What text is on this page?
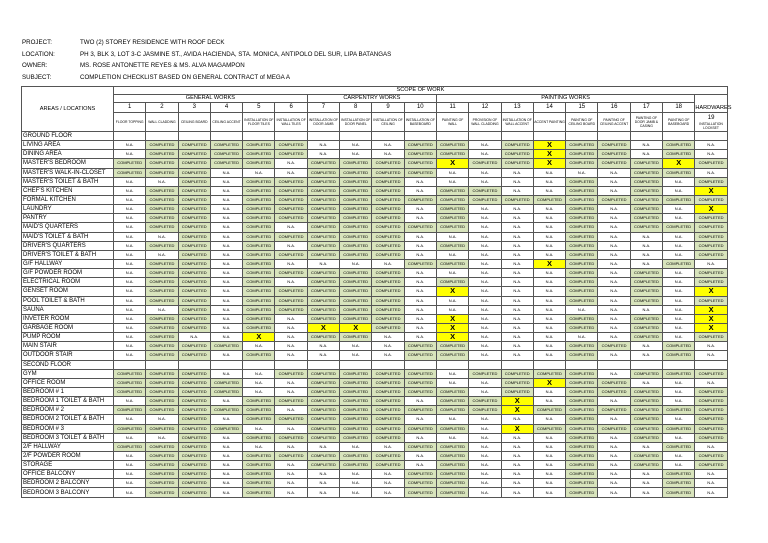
PROJECT:	TWO (2) STOREY RESIDENCE WITH ROOF DECK
LOCATION:	PH 3, BLK 3, LOT 3-C JASMINE ST., AVIDA HACIENDA, STA. MONICA, ANTIPOLO DEL SUR, LIPA BATANGAS
OWNER:	MS. ROSE ANTONETTE REYES & MS. ALVA MAGAMPON
SUBJECT:	COMPLETION CHECKLIST BASED ON GENERAL CONTRACT of MEGA A
AREAS / LOCATIONS	SCOPE OF WORK																		
	GENERAL WORKS						CARPENTRY WORKS				PAINTING WORKS								HARDWARES
	1	2	3	4	5	6	7	8	9	10	11	12	13	14	15	16	17	18	
	FLOOR TOPPING	WALL CLADDING	CEILING BOARD	CEILING ACCENT	INSTALLATION OF FLOOR TILES	INSTALLATION OF WALL TILES	INSTALLATION OF DOOR JAMB	INSTALLATION OF DOOR PANEL	INSTALLATION OF CEILING	INSTALLATION OF BASEBOARD	PAINTING OF WALL	PROVISION OF WALL CLADDING	INSTALLATION OF WALL ACCENT	ACCENT PAINTING	PAINTING OF CEILING BOARD	PAINTING OF CEILING ACCENT	PAINTING OF DOOR JAMB & CASING	PAINTING OF BASEBOARD	19
INSTALLATION LOCKSET

GROUND FLOOR																			
LIVING AREA	N.A.	COMPLETED	COMPLETED	COMPLETED	COMPLETED	COMPLETED	N.A.	N.A.	N.A.	COMPLETED	COMPLETED	N.A.	COMPLETED	X	COMPLETED	COMPLETED	N.A.	COMPLETED	N.A.
DINING AREA	N.A.	COMPLETED	COMPLETED	COMPLETED	COMPLETED	COMPLETED	N.A.	N.A.	N.A.	COMPLETED	COMPLETED	N.A.	COMPLETED	X	COMPLETED	COMPLETED	N.A.	COMPLETED	N.A.
MASTER'S BEDROOM	COMPLETED	COMPLETED	COMPLETED	COMPLETED	COMPLETED	N.A.	COMPLETED	COMPLETED	COMPLETED	COMPLETED	X	COMPLETED	COMPLETED	X	COMPLETED	COMPLETED	COMPLETED	X	COMPLETED
MASTER'S WALK-IN-CLOSET	COMPLETED	COMPLETED	COMPLETED	N.A.	N.A.	N.A.	COMPLETED	COMPLETED	COMPLETED	COMPLETED	N.A.	N.A.	N.A.	N.A.	N.A.	N.A.	COMPLETED	COMPLETED	N.A.
MASTER'S TOILET & BATH	N.A.	N.A.	COMPLETED	N.A.	COMPLETED	COMPLETED	COMPLETED	COMPLETED	COMPLETED	N.A.	N.A.	N.A.	N.A.	N.A.	COMPLETED	N.A.	COMPLETED	N.A.	COMPLETED
CHEF'S KITCHEN	N.A.	COMPLETED	COMPLETED	N.A.	COMPLETED	COMPLETED	COMPLETED	COMPLETED	COMPLETED	N.A.	COMPLETED	COMPLETED	N.A.	N.A.	COMPLETED	N.A.	COMPLETED	N.A.	X
FORMAL KITCHEN	N.A.	COMPLETED	COMPLETED	N.A.	COMPLETED	COMPLETED	COMPLETED	COMPLETED	COMPLETED	COMPLETED	COMPLETED	COMPLETED	COMPLETED	COMPLETED	COMPLETED	COMPLETED	COMPLETED	COMPLETED	COMPLETED
LAUNDRY	N.A.	COMPLETED	COMPLETED	N.A.	COMPLETED	COMPLETED	COMPLETED	COMPLETED	COMPLETED	N.A.	COMPLETED	N.A.	N.A.	N.A.	COMPLETED	N.A.	COMPLETED	N.A.	X
PANTRY	N.A.	COMPLETED	COMPLETED	N.A.	COMPLETED	COMPLETED	COMPLETED	COMPLETED	COMPLETED	N.A.	COMPLETED	N.A.	N.A.	N.A.	COMPLETED	N.A.	COMPLETED	N.A.	COMPLETED
MAID'S QUARTERS	N.A.	COMPLETED	COMPLETED	N.A.	COMPLETED	N.A.	COMPLETED	COMPLETED	COMPLETED	COMPLETED	COMPLETED	N.A.	N.A.	N.A.	COMPLETED	N.A.	COMPLETED	COMPLETED	COMPLETED
MAID'S TOILET & BATH	N.A.	N.A.	COMPLETED	N.A.	COMPLETED	COMPLETED	COMPLETED	COMPLETED	COMPLETED	N.A.	N.A.	N.A.	N.A.	N.A.	COMPLETED	N.A.	N.A.	N.A.	COMPLETED
DRIVER'S QUARTERS	N.A.	COMPLETED	COMPLETED	N.A.	COMPLETED	N.A.	COMPLETED	COMPLETED	COMPLETED	N.A.	COMPLETED	N.A.	N.A.	N.A.	COMPLETED	N.A.	N.A.	N.A.	COMPLETED
DRIVER'S TOILET & BATH	N.A.	N.A.	COMPLETED	N.A.	COMPLETED	COMPLETED	COMPLETED	COMPLETED	COMPLETED	N.A.	N.A.	N.A.	N.A.	N.A.	COMPLETED	N.A.	N.A.	N.A.	COMPLETED
G/F HALLWAY	N.A.	COMPLETED	COMPLETED	N.A.	COMPLETED	N.A.	N.A.	N.A.	N.A.	COMPLETED	COMPLETED	N.A.	N.A.	X	COMPLETED	N.A.	N.A.	COMPLETED	N.A.
G/F POWDER ROOM	N.A.	COMPLETED	COMPLETED	N.A.	COMPLETED	COMPLETED	COMPLETED	COMPLETED	COMPLETED	N.A.	N.A.	N.A.	N.A.	N.A.	COMPLETED	N.A.	COMPLETED	N.A.	COMPLETED
ELECTRICAL ROOM	N.A.	COMPLETED	COMPLETED	N.A.	COMPLETED	N.A.	COMPLETED	COMPLETED	COMPLETED	N.A.	COMPLETED	N.A.	N.A.	N.A.	COMPLETED	N.A.	COMPLETED	N.A.	COMPLETED
GENSET ROOM	N.A.	COMPLETED	COMPLETED	N.A.	COMPLETED	COMPLETED	COMPLETED	COMPLETED	COMPLETED	N.A.	X	N.A.	N.A.	N.A.	COMPLETED	N.A.	COMPLETED	N.A.	X
POOL TOILET & BATH	N.A.	COMPLETED	COMPLETED	N.A.	COMPLETED	COMPLETED	COMPLETED	COMPLETED	COMPLETED	N.A.	N.A.	N.A.	N.A.	N.A.	COMPLETED	N.A.	COMPLETED	N.A.	COMPLETED
SAUNA	N.A.	N.A.	COMPLETED	N.A.	COMPLETED	COMPLETED	COMPLETED	COMPLETED	COMPLETED	N.A.	N.A.	N.A.	N.A.	N.A.	N.A.	N.A.	N.A.	N.A.	X
INVETER ROOM	N.A.	COMPLETED	COMPLETED	N.A.	COMPLETED	N.A.	COMPLETED	COMPLETED	COMPLETED	N.A.	X	N.A.	N.A.	N.A.	COMPLETED	N.A.	COMPLETED	N.A.	X
GARBAGE ROOM	N.A.	COMPLETED	COMPLETED	N.A.	COMPLETED	N.A.	X	X	COMPLETED	N.A.	X	N.A.	N.A.	N.A.	COMPLETED	N.A.	COMPLETED	N.A.	X
PUMP ROOM	N.A.	COMPLETED	N.A.	N.A.	X	N.A.	COMPLETED	COMPLETED	N.A.	N.A.	X	N.A.	N.A.	N.A.	N.A.	N.A.	COMPLETED	N.A.	COMPLETED
MAIN STAIR	N.A.	COMPLETED	COMPLETED	COMPLETED	N.A.	N.A.	N.A.	N.A.	N.A.	COMPLETED	COMPLETED	N.A.	N.A.	N.A.	COMPLETED	COMPLETED	N.A.	COMPLETED	N.A.
OUTDOOR STAIR	N.A.	COMPLETED	COMPLETED	N.A.	COMPLETED	N.A.	N.A.	N.A.	N.A.	COMPLETED	COMPLETED	N.A.	N.A.	N.A.	COMPLETED	N.A.	N.A.	COMPLETED	N.A.
SECOND FLOOR																			
GYM	COMPLETED	COMPLETED	COMPLETED	N.A.	N.A.	COMPLETED	COMPLETED	COMPLETED	COMPLETED	COMPLETED	N.A.	COMPLETED	COMPLETED	COMPLETED	COMPLETED	N.A.	COMPLETED	COMPLETED	COMPLETED
OFFICE ROOM	COMPLETED	COMPLETED	COMPLETED	COMPLETED	N.A.	N.A.	COMPLETED	COMPLETED	COMPLETED	COMPLETED	N.A.	N.A.	COMPLETED	X	COMPLETED	COMPLETED	N.A.	N.A.	N.A.
BEDROOM # 1	COMPLETED	COMPLETED	COMPLETED	COMPLETED	N.A.	N.A.	COMPLETED	COMPLETED	COMPLETED	COMPLETED	COMPLETED	N.A.	COMPLETED	N.A.	COMPLETED	COMPLETED	COMPLETED	N.A.	COMPLETED
BEDROOM 1 TOILET & BATH	N.A.	COMPLETED	COMPLETED	N.A.	COMPLETED	COMPLETED	COMPLETED	COMPLETED	COMPLETED	N.A.	COMPLETED	COMPLETED	X	N.A.	COMPLETED	N.A.	COMPLETED	N.A.	COMPLETED
BEDROOM # 2	COMPLETED	COMPLETED	COMPLETED	COMPLETED	COMPLETED	N.A.	COMPLETED	COMPLETED	COMPLETED	COMPLETED	COMPLETED	COMPLETED	X	COMPLETED	COMPLETED	COMPLETED	COMPLETED	COMPLETED	COMPLETED
BEDROOM 2 TOILET & BATH	N.A.	N.A.	COMPLETED	N.A.	COMPLETED	COMPLETED	COMPLETED	COMPLETED	COMPLETED	N.A.	N.A.	N.A.	N.A.	N.A.	COMPLETED	N.A.	COMPLETED	N.A.	COMPLETED
BEDROOM # 3	COMPLETED	COMPLETED	COMPLETED	COMPLETED	N.A.	N.A.	COMPLETED	COMPLETED	COMPLETED	COMPLETED	COMPLETED	N.A.	X	COMPLETED	COMPLETED	COMPLETED	COMPLETED	COMPLETED	COMPLETED
BEDROOM 3 TOILET & BATH	N.A.	N.A.	COMPLETED	N.A.	COMPLETED	COMPLETED	COMPLETED	COMPLETED	COMPLETED	N.A.	N.A.	N.A.	N.A.	N.A.	COMPLETED	N.A.	COMPLETED	N.A.	COMPLETED
2/F HALLWAY	COMPLETED	COMPLETED	COMPLETED	N.A.	N.A.	N.A.	N.A.	N.A.	N.A.	COMPLETED	COMPLETED	N.A.	N.A.	N.A.	COMPLETED	N.A.	N.A.	COMPLETED	N.A.
2/F POWDER ROOM	N.A.	COMPLETED	COMPLETED	N.A.	COMPLETED	COMPLETED	COMPLETED	COMPLETED	COMPLETED	N.A.	COMPLETED	N.A.	N.A.	N.A.	COMPLETED	N.A.	COMPLETED	N.A.	COMPLETED
STORAGE	N.A.	COMPLETED	COMPLETED	N.A.	COMPLETED	N.A.	COMPLETED	COMPLETED	COMPLETED	N.A.	COMPLETED	N.A.	N.A.	N.A.	COMPLETED	N.A.	COMPLETED	N.A.	COMPLETED
OFFICE BALCONY	N.A.	COMPLETED	COMPLETED	N.A.	COMPLETED	N.A.	N.A.	N.A.	N.A.	COMPLETED	COMPLETED	N.A.	N.A.	N.A.	COMPLETED	N.A.	N.A.	COMPLETED	N.A.
BEDROOM 2 BALCONY	N.A.	COMPLETED	COMPLETED	N.A.	COMPLETED	N.A.	N.A.	N.A.	N.A.	COMPLETED	COMPLETED	N.A.	N.A.	N.A.	COMPLETED	N.A.	N.A.	COMPLETED	N.A.
BEDROOM 3 BALCONY	N.A.	COMPLETED	COMPLETED	N.A.	COMPLETED	N.A.	N.A.	N.A.	N.A.	COMPLETED	COMPLETED	N.A.	N.A.	N.A.	COMPLETED	N.A.	N.A.	COMPLETED	N.A.
